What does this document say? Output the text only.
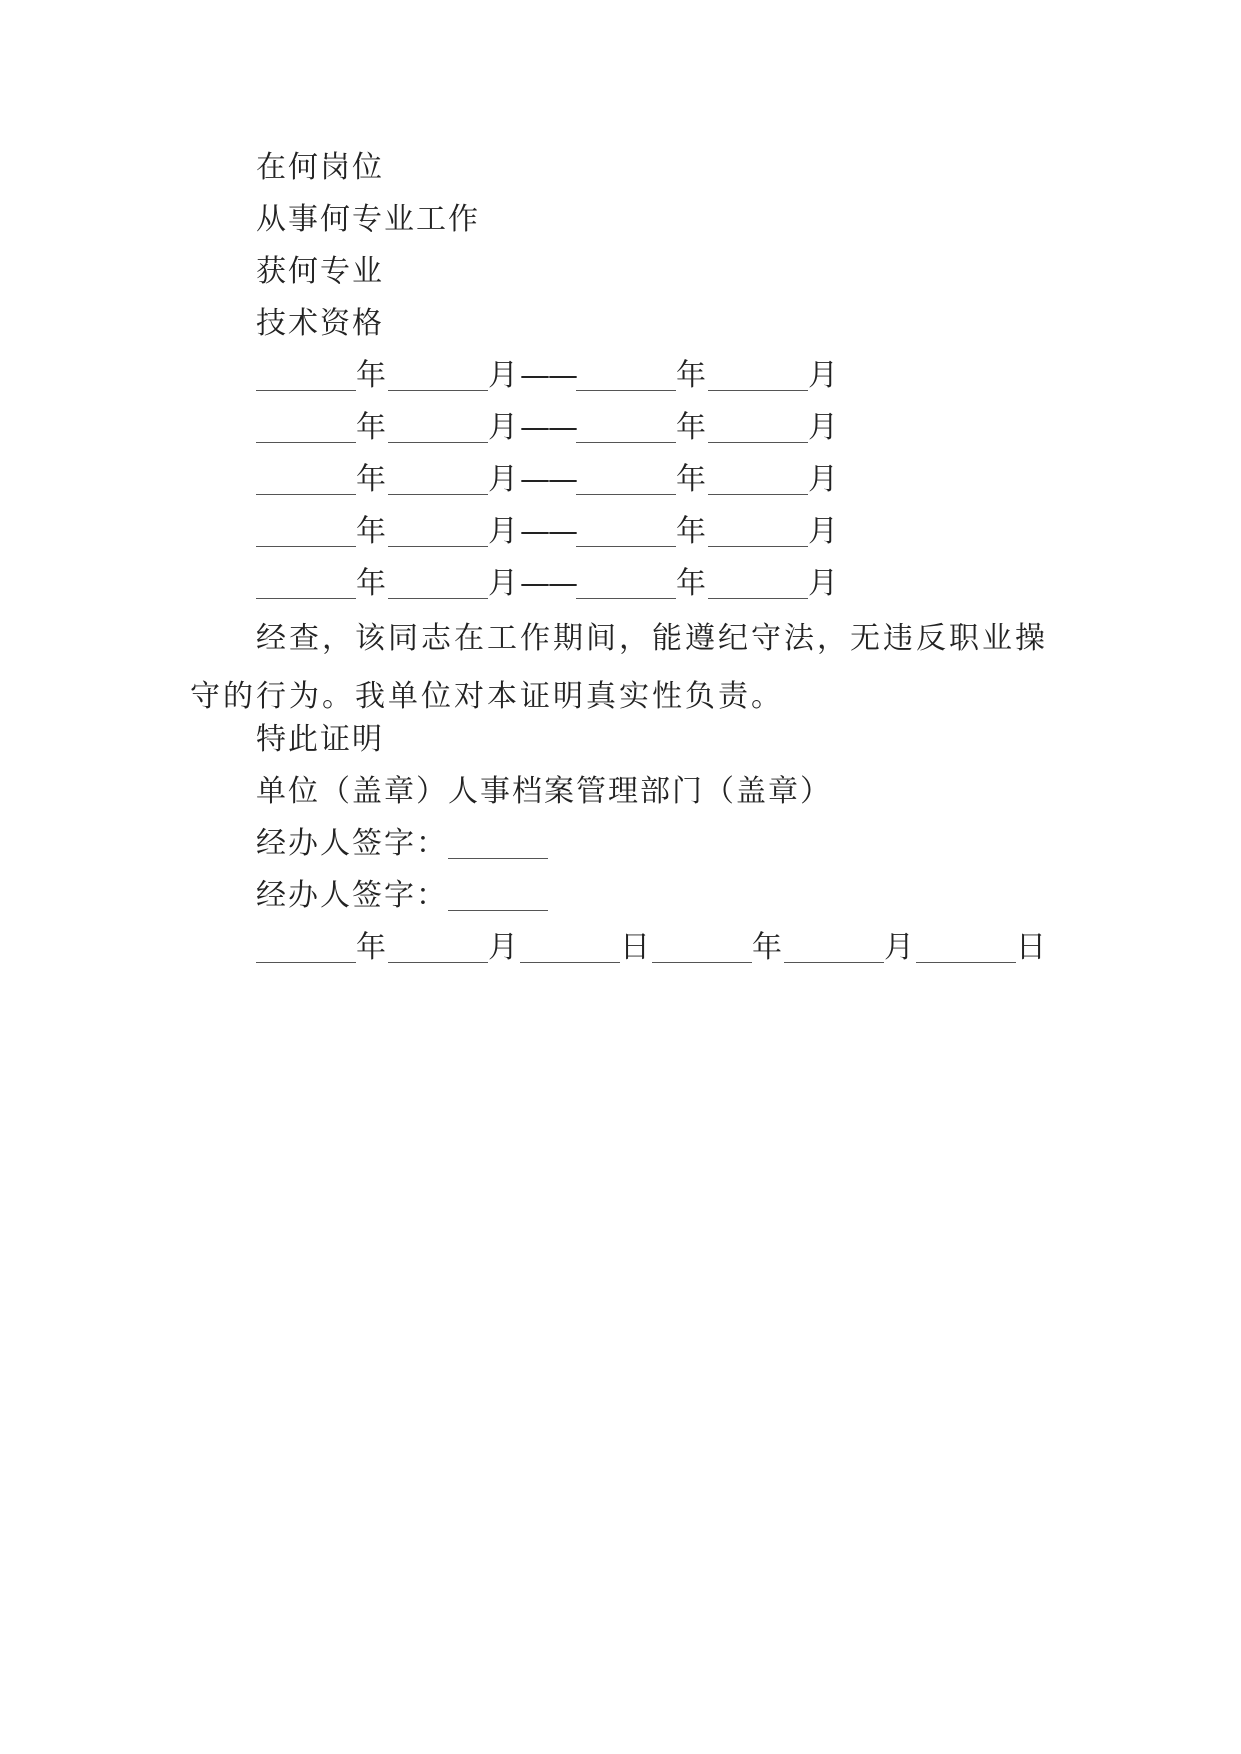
在何岗位
从事何专业工作
获何专业
技术资格
年	月——	年	月
年	月——	年	月
年	月——	年	月
年	月——	年	月
年	月——	年	月
经查，该同志在工作期间，能遵纪守法，无违反职业操守的行为。我单位对本证明真实性负责。
特此证明
单位（盖章）人事档案管理部门（盖章）
经办人签字：
经办人签字：
年	月	日	年	月	日
